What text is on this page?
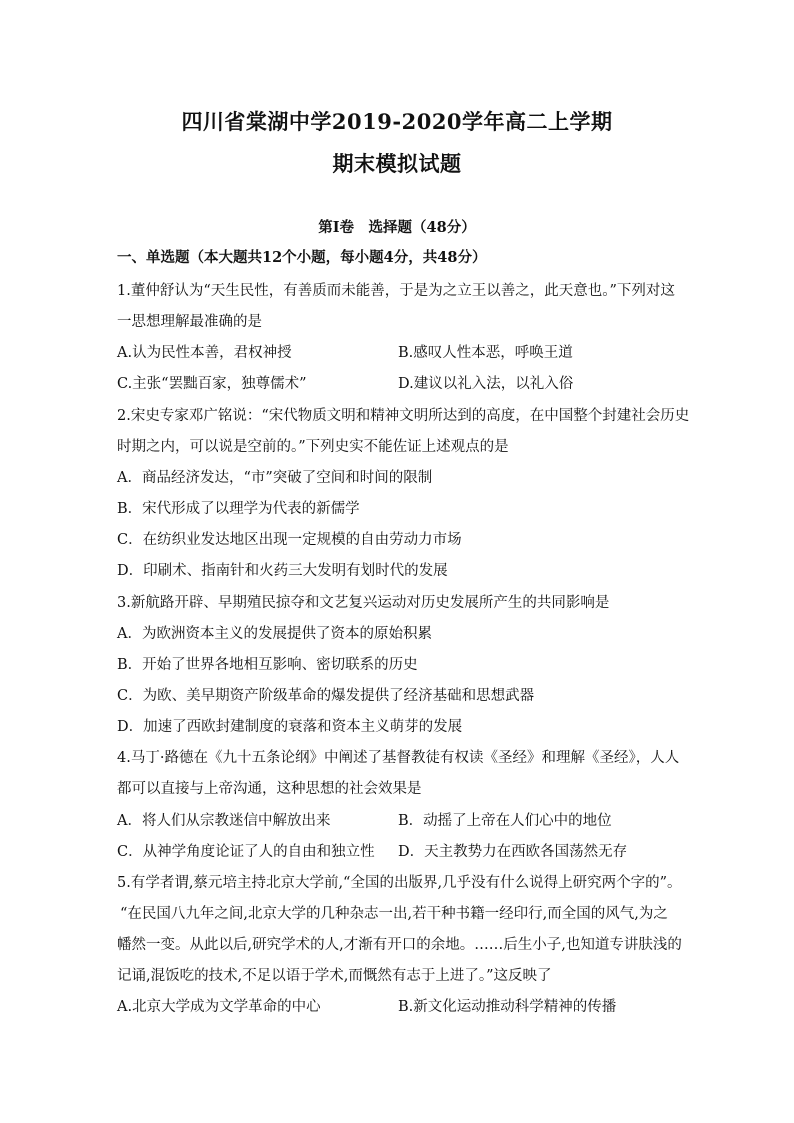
四川省棠湖中学2019-2020学年高二上学期
期末模拟试题
第Ⅰ卷　选择题（48分）
一、单选题（本大题共12个小题，每小题4分，共48分）
1.董仲舒认为“天生民性，有善质而未能善，于是为之立王以善之，此天意也。”下列对这
一思想理解最准确的是
A.认为民性本善，君权神授	B.感叹人性本恶，呼唤王道
C.主张“罢黜百家，独尊儒术”	D.建议以礼入法，以礼入俗
2.宋史专家邓广铭说：“宋代物质文明和精神文明所达到的高度，在中国整个封建社会历史
时期之内，可以说是空前的。”下列史实不能佐证上述观点的是
A．商品经济发达，“市”突破了空间和时间的限制
B．宋代形成了以理学为代表的新儒学
C．在纺织业发达地区出现一定规模的自由劳动力市场
D．印刷术、指南针和火药三大发明有划时代的发展
3.新航路开辟、早期殖民掠夺和文艺复兴运动对历史发展所产生的共同影响是
A．为欧洲资本主义的发展提供了资本的原始积累
B．开始了世界各地相互影响、密切联系的历史
C．为欧、美早期资产阶级革命的爆发提供了经济基础和思想武器
D．加速了西欧封建制度的衰落和资本主义萌芽的发展
4.马丁·路德在《九十五条论纲》中阐述了基督教徒有权读《圣经》和理解《圣经》，人人
都可以直接与上帝沟通，这种思想的社会效果是
A．将人们从宗教迷信中解放出来	B．动摇了上帝在人们心中的地位
C．从神学角度论证了人的自由和独立性 D．天主教势力在西欧各国荡然无存
5.有学者谓,蔡元培主持北京大学前,“全国的出版界,几乎没有什么说得上研究两个字的”。
“在民国八九年之间,北京大学的几种杂志一出,若干种书籍一经印行,而全国的风气,为之
幡然一变。从此以后,研究学术的人,才渐有开口的余地。……后生小子,也知道专讲肤浅的
记诵,混饭吃的技术,不足以语于学术,而慨然有志于上进了。”这反映了
A.北京大学成为文学革命的中心	B.新文化运动推动科学精神的传播
